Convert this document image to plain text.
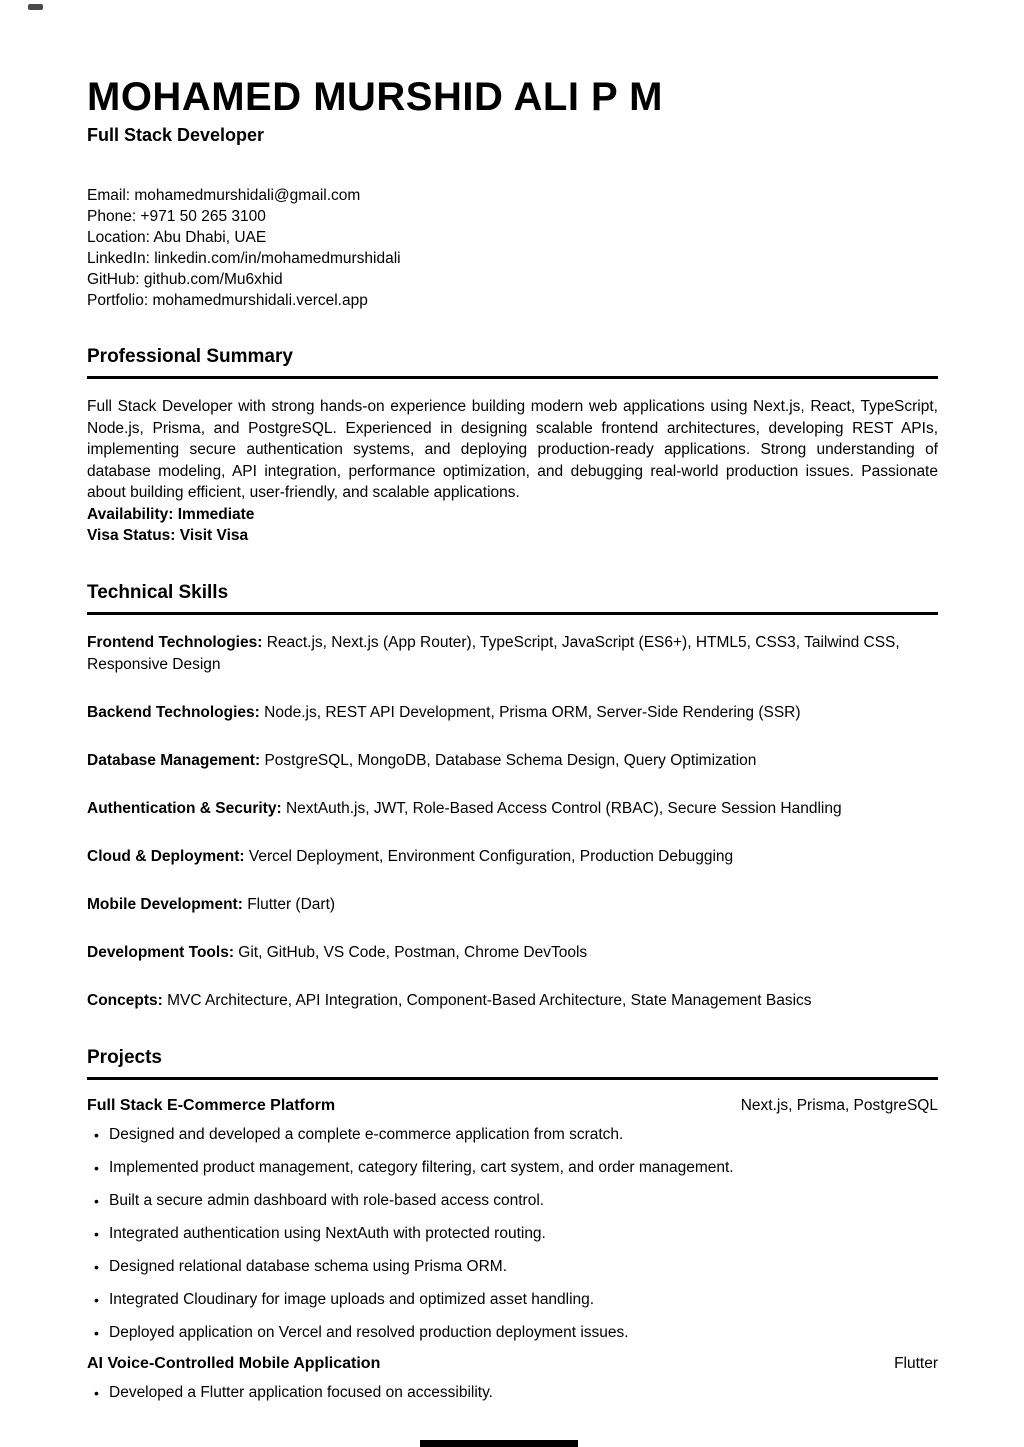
MOHAMED MURSHID ALI P M
Full Stack Developer
Email: mohamedmurshidali@gmail.com
Phone: +971 50 265 3100
Location: Abu Dhabi, UAE
LinkedIn: linkedin.com/in/mohamedmurshidali
GitHub: github.com/Mu6xhid
Portfolio: mohamedmurshidali.vercel.app
Professional Summary

Full Stack Developer with strong hands-on experience building modern web applications using Next.js, React, TypeScript, Node.js, Prisma, and PostgreSQL. Experienced in designing scalable frontend architectures, developing REST APIs, implementing secure authentication systems, and deploying production-ready applications. Strong understanding of database modeling, API integration, performance optimization, and debugging real-world production issues. Passionate about building efficient, user-friendly, and scalable applications.

Availability: Immediate
Visa Status: Visit Visa
Technical Skills
Frontend Technologies: React.js, Next.js (App Router), TypeScript, JavaScript (ES6+), HTML5, CSS3, Tailwind CSS, Responsive Design
Backend Technologies: Node.js, REST API Development, Prisma ORM, Server-Side Rendering (SSR)
Database Management: PostgreSQL, MongoDB, Database Schema Design, Query Optimization
Authentication & Security: NextAuth.js, JWT, Role-Based Access Control (RBAC), Secure Session Handling
Cloud & Deployment: Vercel Deployment, Environment Configuration, Production Debugging
Mobile Development: Flutter (Dart)
Development Tools: Git, GitHub, VS Code, Postman, Chrome DevTools
Concepts: MVC Architecture, API Integration, Component-Based Architecture, State Management Basics
Projects
Full Stack E-Commerce Platform	Next.js, Prisma, PostgreSQL
•
Designed and developed a complete e-commerce application from scratch.
•
Implemented product management, category filtering, cart system, and order management.
•
Built a secure admin dashboard with role-based access control.
•
Integrated authentication using NextAuth with protected routing.
•
Designed relational database schema using Prisma ORM.
•
Integrated Cloudinary for image uploads and optimized asset handling.
•
Deployed application on Vercel and resolved production deployment issues.
AI Voice-Controlled Mobile Application	Flutter
•
Developed a Flutter application focused on accessibility.
